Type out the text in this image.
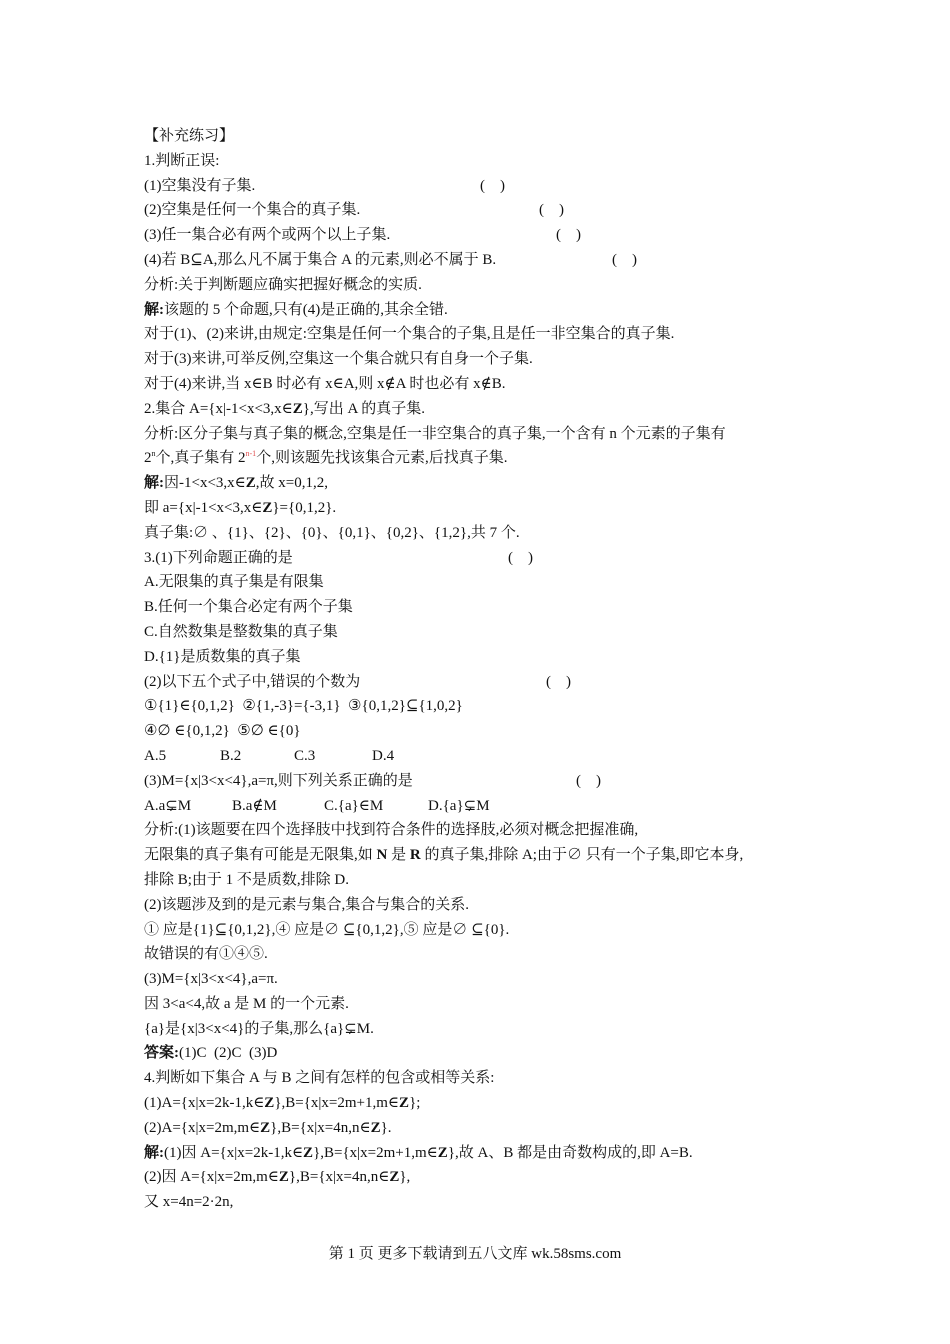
【补充练习】
1.判断正误:
(1)空集没有子集.	(    )
(2)空集是任何一个集合的真子集.	(    )
(3)任一集合必有两个或两个以上子集.	(    )
(4)若 B⊆A,那么凡不属于集合 A 的元素,则必不属于 B.	(    )
分析:关于判断题应确实把握好概念的实质.
解:该题的 5 个命题,只有(4)是正确的,其余全错.
对于(1)、(2)来讲,由规定:空集是任何一个集合的子集,且是任一非空集合的真子集.
对于(3)来讲,可举反例,空集这一个集合就只有自身一个子集.
对于(4)来讲,当 x∈B 时必有 x∈A,则 x∉A 时也必有 x∉B.
2.集合 A={x|-1<x<3,x∈Z},写出 A 的真子集.
分析:区分子集与真子集的概念,空集是任一非空集合的真子集,一个含有 n 个元素的子集有
2$^n$个,真子集有 2$^{n-1}$个,则该题先找该集合元素,后找真子集.
解:因-1<x<3,x∈Z,故 x=0,1,2,
即 a={x|-1<x<3,x∈Z}={0,1,2}.
真子集:∅ 、{1}、{2}、{0}、{0,1}、{0,2}、{1,2},共 7 个.
3.(1)下列命题正确的是	(    )
A.无限集的真子集是有限集
B.任何一个集合必定有两个子集
C.自然数集是整数集的真子集
D.{1}是质数集的真子集
(2)以下五个式子中,错误的个数为	(    )
①{1}∈{0,1,2}  ②{1,-3}={-3,1}  ③{0,1,2}⊆{1,0,2}
④∅ ∈{0,1,2}  ⑤∅ ∈{0}
A.5	B.2	C.3	D.4
(3)M={x|3<x<4},a=π,则下列关系正确的是	(    )
A.a⊊M	B.a∉M	C.{a}∈M	D.{a}⊊M
分析:(1)该题要在四个选择肢中找到符合条件的选择肢,必须对概念把握准确,
无限集的真子集有可能是无限集,如 N 是 R 的真子集,排除 A;由于∅ 只有一个子集,即它本身,
排除 B;由于 1 不是质数,排除 D.
(2)该题涉及到的是元素与集合,集合与集合的关系.
① 应是{1}⊆{0,1,2},④ 应是∅ ⊆{0,1,2},⑤ 应是∅ ⊆{0}.
故错误的有①④⑤.
(3)M={x|3<x<4},a=π.
因 3<a<4,故 a 是 M 的一个元素.
{a}是{x|3<x<4}的子集,那么{a}⊊M.
答案:(1)C  (2)C  (3)D
4.判断如下集合 A 与 B 之间有怎样的包含或相等关系:
(1)A={x|x=2k-1,k∈Z},B={x|x=2m+1,m∈Z};
(2)A={x|x=2m,m∈Z},B={x|x=4n,n∈Z}.
解:(1)因 A={x|x=2k-1,k∈Z},B={x|x=2m+1,m∈Z},故 A、B 都是由奇数构成的,即 A=B.
(2)因 A={x|x=2m,m∈Z},B={x|x=4n,n∈Z},
又 x=4n=2·2n,
第 1 页 更多下载请到五八文库 wk.58sms.com
